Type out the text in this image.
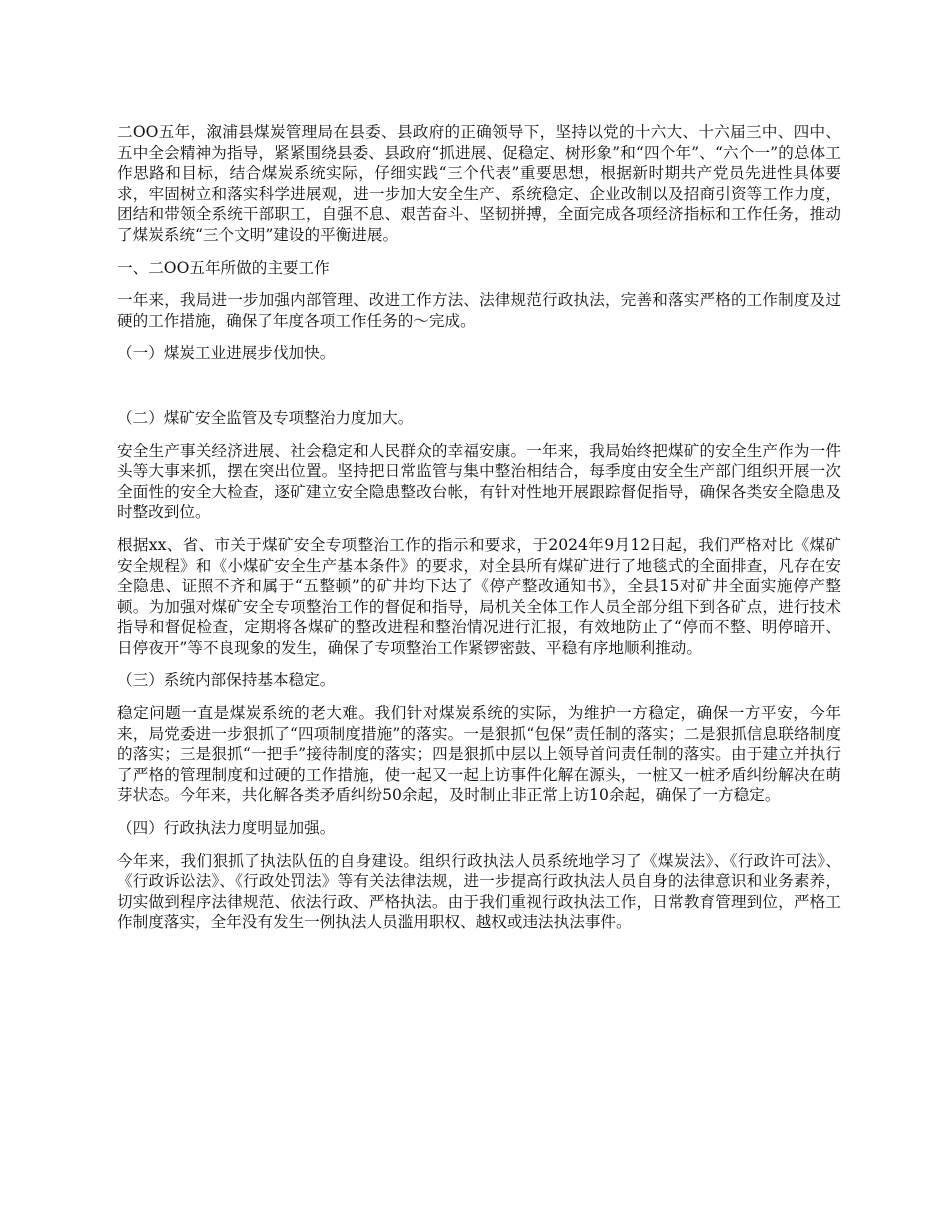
二OO五年，溆浦县煤炭管理局在县委、县政府的正确领导下，坚持以党的十六大、十六届三中、四中、五中全会精神为指导，紧紧围绕县委、县政府“抓进展、促稳定、树形象”和“四个年”、“六个一”的总体工作思路和目标，结合煤炭系统实际，仔细实践“三个代表”重要思想，根据新时期共产党员先进性具体要求，牢固树立和落实科学进展观，进一步加大安全生产、系统稳定、企业改制以及招商引资等工作力度，团结和带领全系统干部职工，自强不息、艰苦奋斗、坚韧拼搏，全面完成各项经济指标和工作任务，推动了煤炭系统“三个文明”建设的平衡进展。

一、二OO五年所做的主要工作

一年来，我局进一步加强内部管理、改进工作方法、法律规范行政执法，完善和落实严格的工作制度及过硬的工作措施，确保了年度各项工作任务的～完成。

（一）煤炭工业进展步伐加快。

（二）煤矿安全监管及专项整治力度加大。

安全生产事关经济进展、社会稳定和人民群众的幸福安康。一年来，我局始终把煤矿的安全生产作为一件头等大事来抓，摆在突出位置。坚持把日常监管与集中整治相结合，每季度由安全生产部门组织开展一次全面性的安全大检查，逐矿建立安全隐患整改台帐，有针对性地开展跟踪督促指导，确保各类安全隐患及时整改到位。

根据xx、省、市关于煤矿安全专项整治工作的指示和要求，于2024年9月12日起，我们严格对比《煤矿安全规程》和《小煤矿安全生产基本条件》的要求，对全县所有煤矿进行了地毯式的全面排查，凡存在安全隐患、证照不齐和属于“五整顿”的矿井均下达了《停产整改通知书》，全县15对矿井全面实施停产整顿。为加强对煤矿安全专项整治工作的督促和指导，局机关全体工作人员全部分组下到各矿点，进行技术指导和督促检查，定期将各煤矿的整改进程和整治情况进行汇报，有效地防止了“停而不整、明停暗开、日停夜开”等不良现象的发生，确保了专项整治工作紧锣密鼓、平稳有序地顺利推动。

（三）系统内部保持基本稳定。

稳定问题一直是煤炭系统的老大难。我们针对煤炭系统的实际，为维护一方稳定，确保一方平安，今年来，局党委进一步狠抓了“四项制度措施”的落实。一是狠抓“包保”责任制的落实；二是狠抓信息联络制度的落实；三是狠抓“一把手”接待制度的落实；四是狠抓中层以上领导首问责任制的落实。由于建立并执行了严格的管理制度和过硬的工作措施，使一起又一起上访事件化解在源头，一桩又一桩矛盾纠纷解决在萌芽状态。今年来，共化解各类矛盾纠纷50余起，及时制止非正常上访10余起，确保了一方稳定。

（四）行政执法力度明显加强。

今年来，我们狠抓了执法队伍的自身建设。组织行政执法人员系统地学习了《煤炭法》、《行政许可法》、《行政诉讼法》、《行政处罚法》等有关法律法规，进一步提高行政执法人员自身的法律意识和业务素养，切实做到程序法律规范、依法行政、严格执法。由于我们重视行政执法工作，日常教育管理到位，严格工作制度落实，全年没有发生一例执法人员滥用职权、越权或违法执法事件。
